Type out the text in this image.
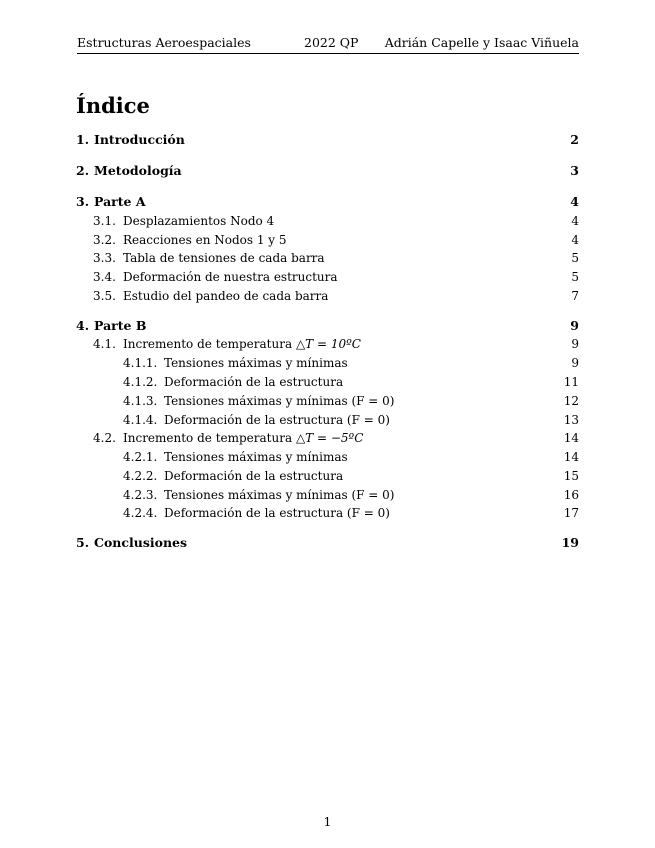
Estructuras Aeroespaciales	2022 QP Adrián Capelle y Isaac Viñuela
Índice
1. Introducción	2
2. Metodología	3
3. Parte A	4
3.1. Desplazamientos Nodo 4	4
3.2. Reacciones en Nodos 1 y 5	4
3.3. Tabla de tensiones de cada barra	5
3.4. Deformación de nuestra estructura	5
3.5. Estudio del pandeo de cada barra	7
4. Parte B	9
4.1. Incremento de temperatura △T = 10ºC	9
4.1.1. Tensiones máximas y mínimas	9
4.1.2. Deformación de la estructura	11
4.1.3. Tensiones máximas y mínimas (F = 0)	12
4.1.4. Deformación de la estructura (F = 0)	13
4.2. Incremento de temperatura △T = −5ºC	14
4.2.1. Tensiones máximas y mínimas	14
4.2.2. Deformación de la estructura	15
4.2.3. Tensiones máximas y mínimas (F = 0)	16
4.2.4. Deformación de la estructura (F = 0)	17
5. Conclusiones	19
1
